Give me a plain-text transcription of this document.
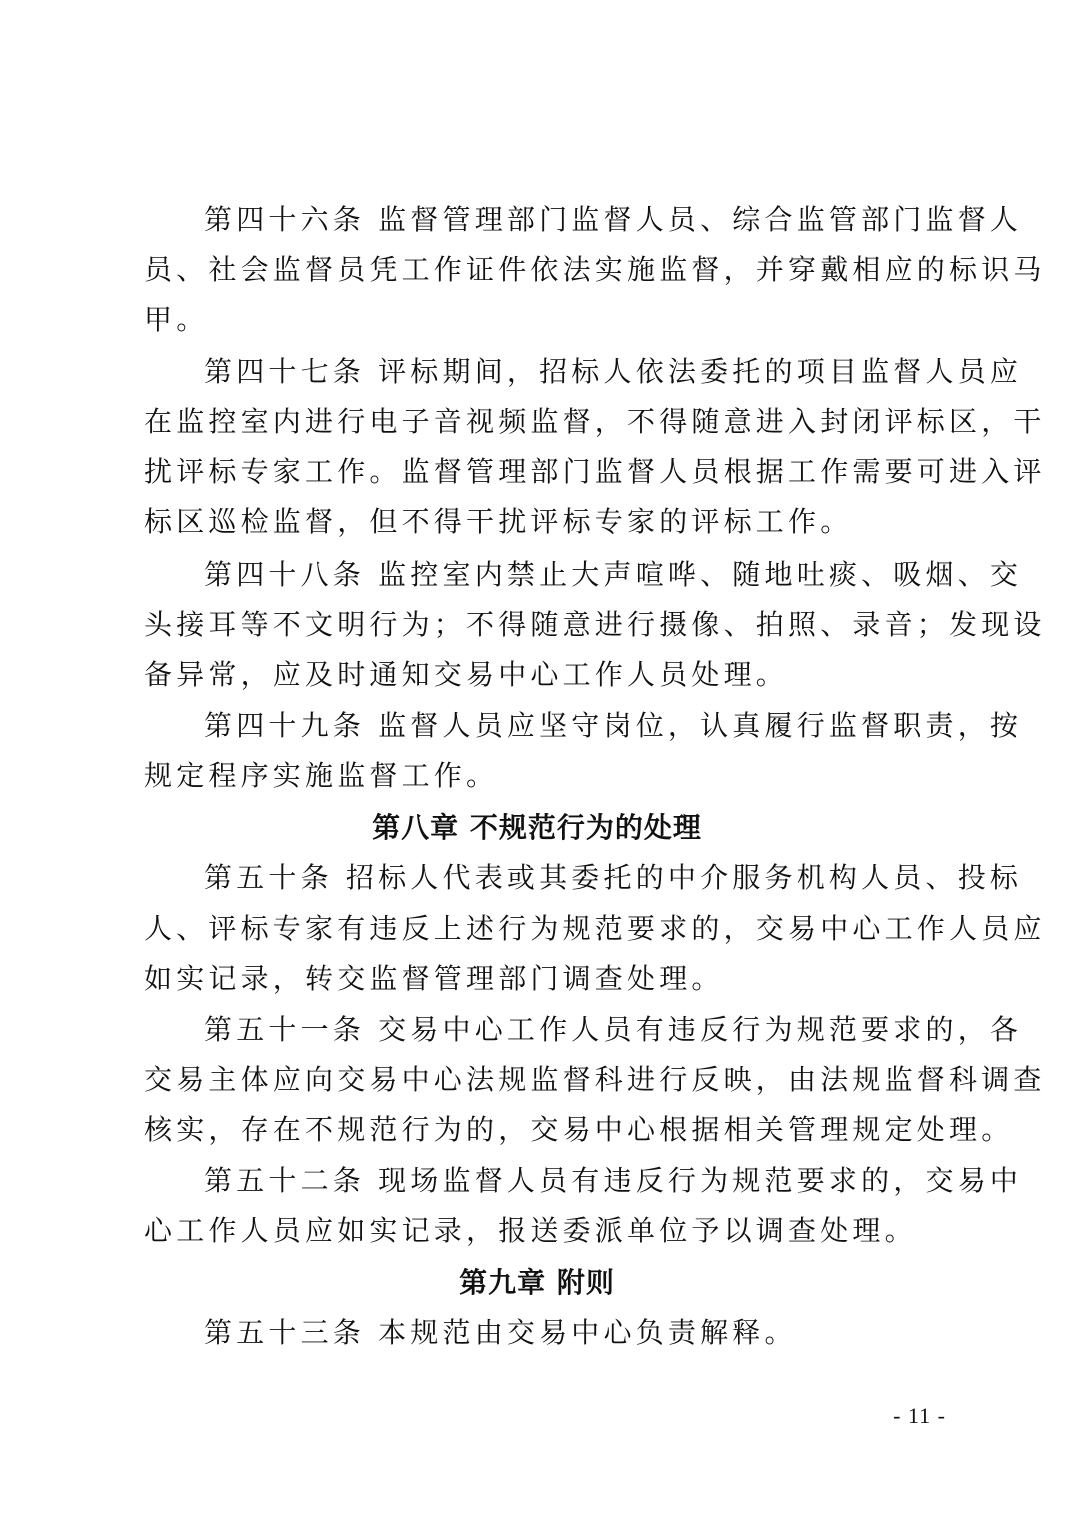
第四十六条 监督管理部门监督人员、综合监管部门监督人
员、社会监督员凭工作证件依法实施监督，并穿戴相应的标识马
甲。
第四十七条 评标期间，招标人依法委托的项目监督人员应
在监控室内进行电子音视频监督，不得随意进入封闭评标区，干
扰评标专家工作。监督管理部门监督人员根据工作需要可进入评
标区巡检监督，但不得干扰评标专家的评标工作。
第四十八条 监控室内禁止大声喧哗、随地吐痰、吸烟、交
头接耳等不文明行为；不得随意进行摄像、拍照、录音；发现设
备异常，应及时通知交易中心工作人员处理。
第四十九条 监督人员应坚守岗位，认真履行监督职责，按
规定程序实施监督工作。
第八章 不规范行为的处理
第五十条 招标人代表或其委托的中介服务机构人员、投标
人、评标专家有违反上述行为规范要求的，交易中心工作人员应
如实记录，转交监督管理部门调查处理。
第五十一条 交易中心工作人员有违反行为规范要求的，各
交易主体应向交易中心法规监督科进行反映，由法规监督科调查
核实，存在不规范行为的，交易中心根据相关管理规定处理。
第五十二条 现场监督人员有违反行为规范要求的，交易中
心工作人员应如实记录，报送委派单位予以调查处理。
第九章 附则
第五十三条 本规范由交易中心负责解释。
- 11 -
